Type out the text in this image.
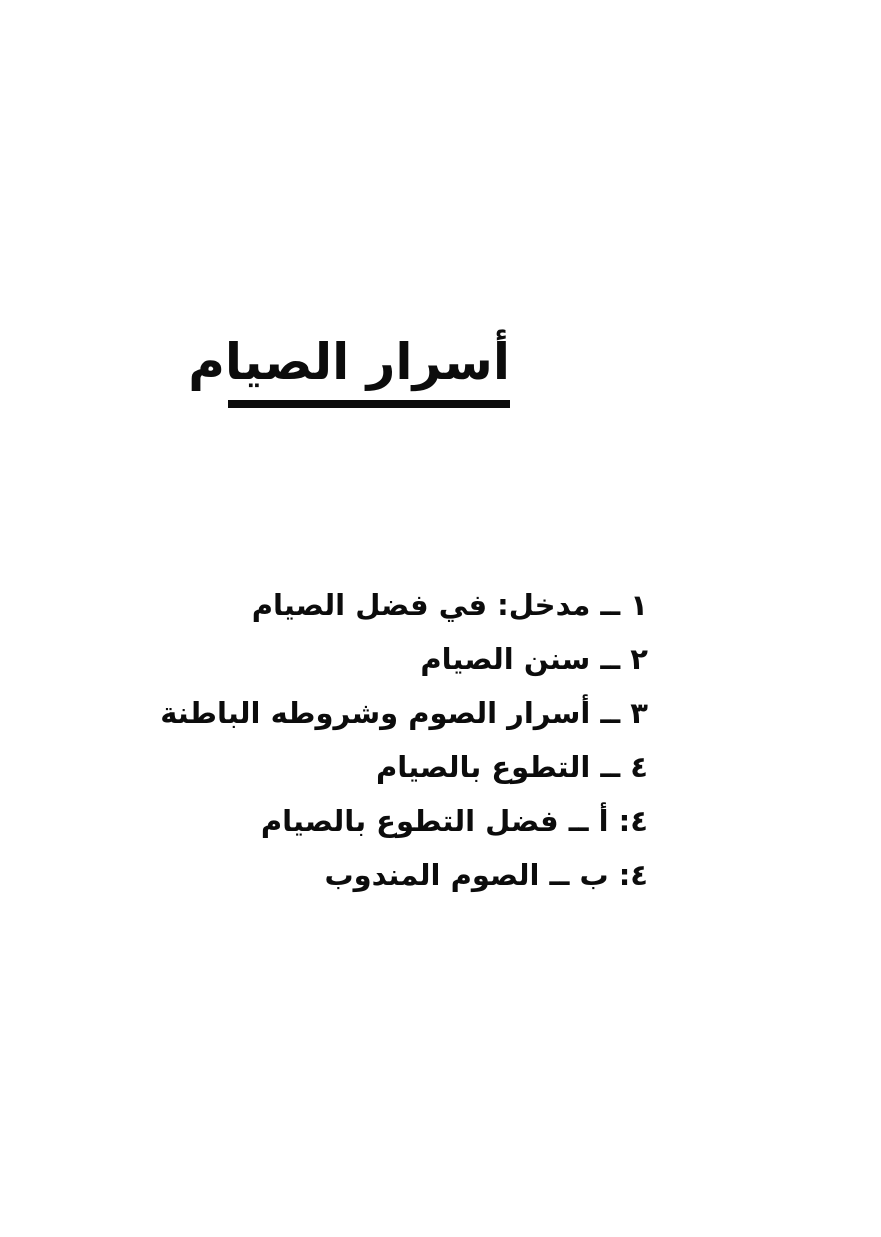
أسرار الصيام
١ ــ مدخل: في فضل الصيام
٢ ــ سنن الصيام
٣ ــ أسرار الصوم وشروطه الباطنة
٤ ــ التطوع بالصيام
٤: أ ــ فضل التطوع بالصيام
٤: ب ــ الصوم المندوب
